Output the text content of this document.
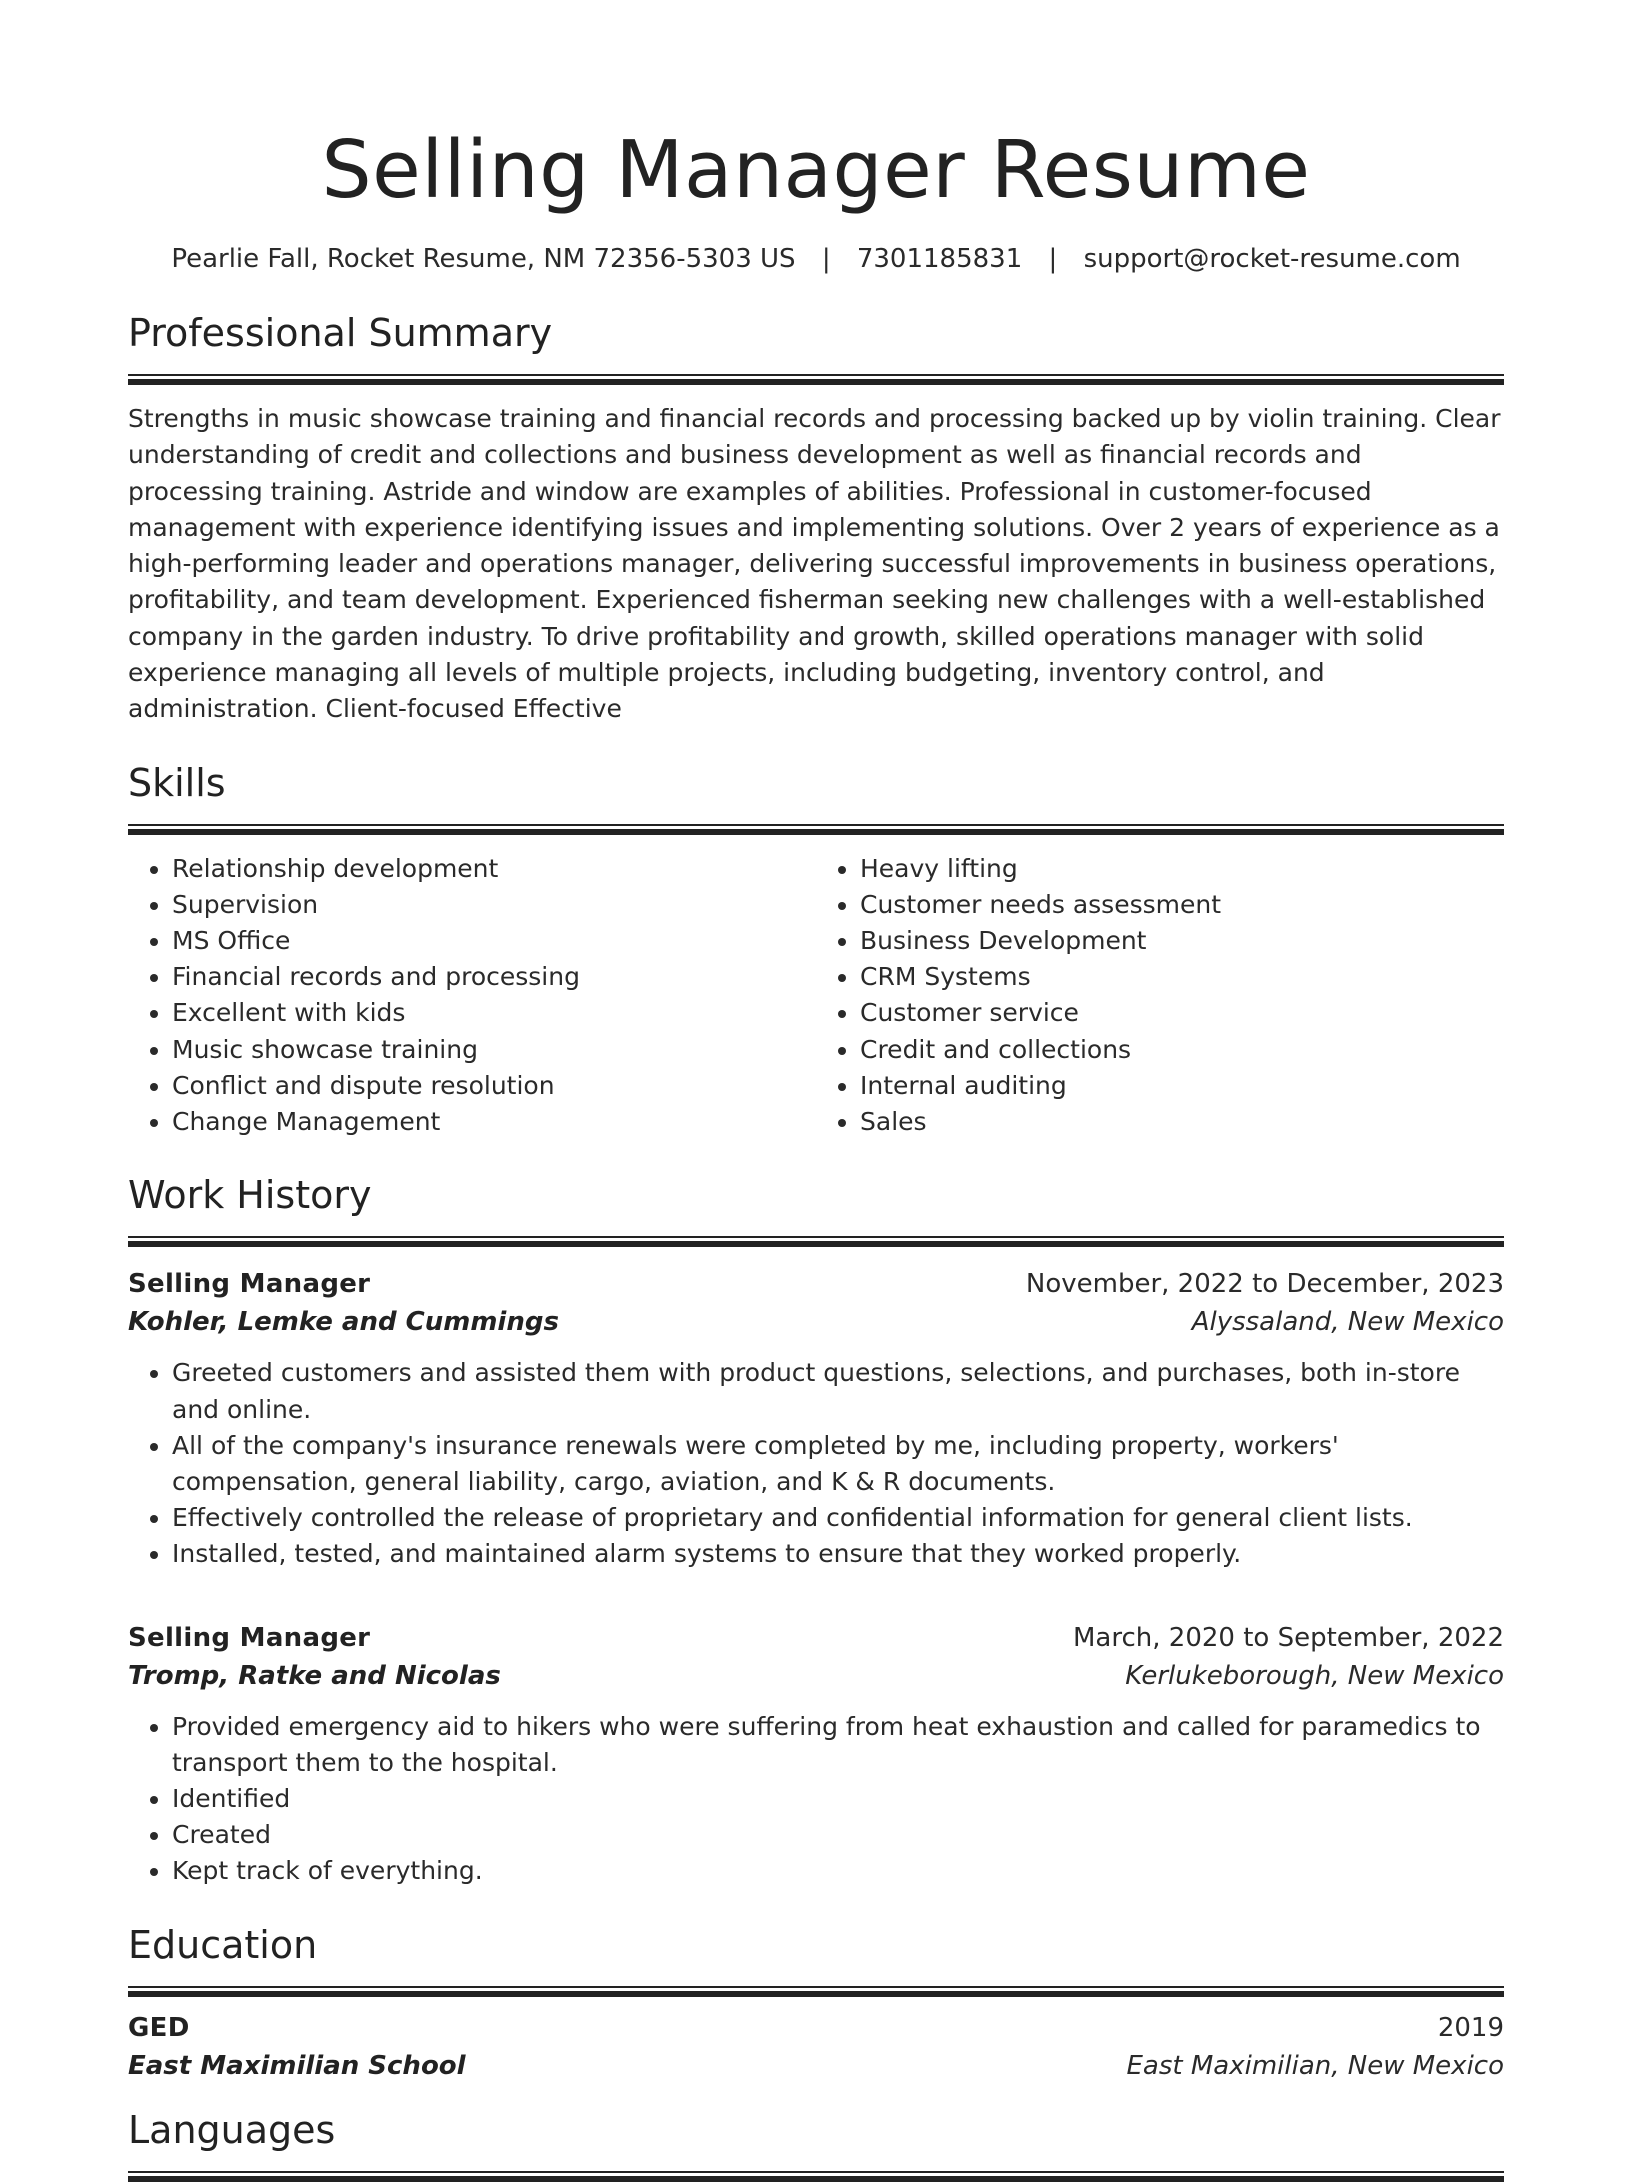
Selling Manager Resume
Pearlie Fall, Rocket Resume, NM 72356-5303 US | 7301185831 | support@rocket-resume.com
Professional Summary

Strengths in music showcase training and financial records and processing backed up by violin training. Clear understanding of credit and collections and business development as well as financial records and processing training. Astride and window are examples of abilities. Professional in customer-focused management with experience identifying issues and implementing solutions. Over 2 years of experience as a high-performing leader and operations manager, delivering successful improvements in business operations, profitability, and team development. Experienced fisherman seeking new challenges with a well-established company in the garden industry. To drive profitability and growth, skilled operations manager with solid experience managing all levels of multiple projects, including budgeting, inventory control, and administration. Client-focused Effective

Skills
• Relationship development
• Supervision
• MS Office
• Financial records and processing
• Excellent with kids
• Music showcase training
• Conflict and dispute resolution
• Change Management
• Heavy lifting
• Customer needs assessment
• Business Development
• CRM Systems
• Customer service
• Credit and collections
• Internal auditing
• Sales
Work History
Selling Manager	November, 2022 to December, 2023
Kohler, Lemke and Cummings	Alyssaland, New Mexico
• Greeted customers and assisted them with product questions, selections, and purchases, both in-store and online.
• All of the company's insurance renewals were completed by me, including property, workers' compensation, general liability, cargo, aviation, and K & R documents.
• Effectively controlled the release of proprietary and confidential information for general client lists.
• Installed, tested, and maintained alarm systems to ensure that they worked properly.
Selling Manager	March, 2020 to September, 2022
Tromp, Ratke and Nicolas	Kerlukeborough, New Mexico
• Provided emergency aid to hikers who were suffering from heat exhaustion and called for paramedics to transport them to the hospital.
• Identified
• Created
• Kept track of everything.
Education
GED	2019
East Maximilian School	East Maximilian, New Mexico
Languages
